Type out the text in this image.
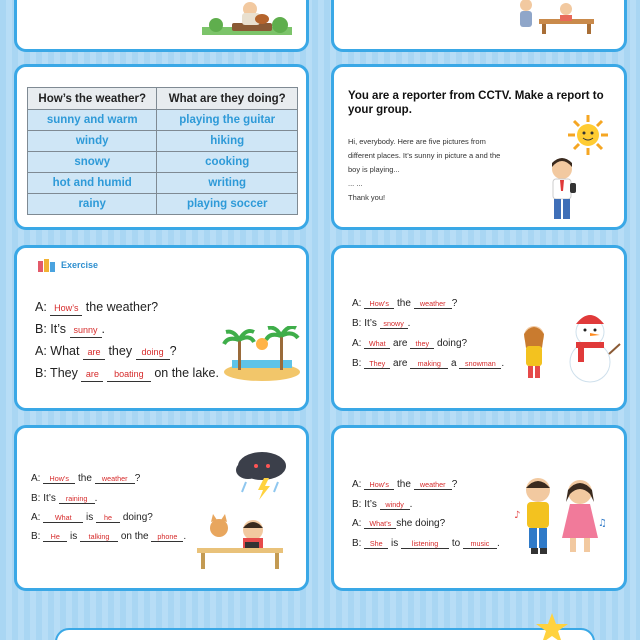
How’s the weather?	What are they doing?
sunny and warm	playing the guitar
windy	hiking
snowy	cooking
hot and humid	writing
rainy	playing soccer
You are a reporter from CCTV. Make a report to your group.
Hi, everybody. Here are five pictures from
different places. It’s sunny in picture a and the
boy is playing...
... ...
Thank you!
Exercise
A: How’s the weather?
B: It’s sunny .
A: What are they doing ?
B: They are boating on the lake.
A: How’s the weather ?
B: It’s snowy .
A: What are they doing?
B: They are making a snowman .
A: How’s the weather ?
B: It’s raining .
A: What is he doing?
B: He is talking on the phone .
A: How’s the weather ?
B: It’s windy .
A: What’s she doing?
B: She is listening to music .
♪
♫
